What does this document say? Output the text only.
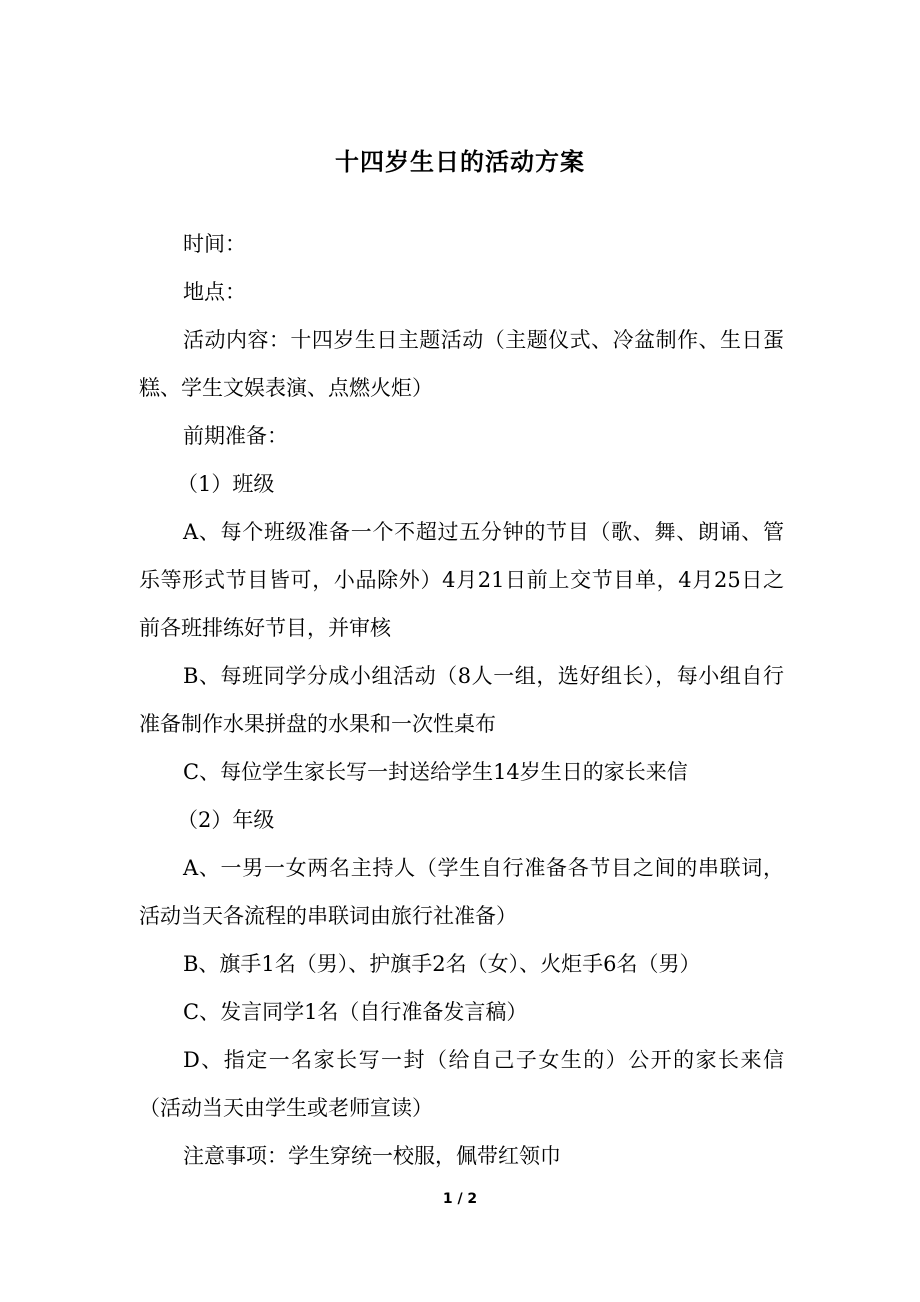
十四岁生日的活动方案

时间：

地点：

活动内容：十四岁生日主题活动（主题仪式、冷盆制作、生日蛋糕、学生文娱表演、点燃火炬）

前期准备：

（1）班级

A、每个班级准备一个不超过五分钟的节目（歌、舞、朗诵、管乐等形式节目皆可，小品除外）4月21日前上交节目单，4月25日之前各班排练好节目，并审核

B、每班同学分成小组活动（8人一组，选好组长），每小组自行准备制作水果拼盘的水果和一次性桌布

C、每位学生家长写一封送给学生14岁生日的家长来信

（2）年级

A、一男一女两名主持人（学生自行准备各节目之间的串联词，活动当天各流程的串联词由旅行社准备）

B、旗手1名（男）、护旗手2名（女）、火炬手6名（男）

C、发言同学1名（自行准备发言稿）

D、指定一名家长写一封（给自己子女生的）公开的家长来信（活动当天由学生或老师宣读）

注意事项：学生穿统一校服，佩带红领巾

1 / 2
